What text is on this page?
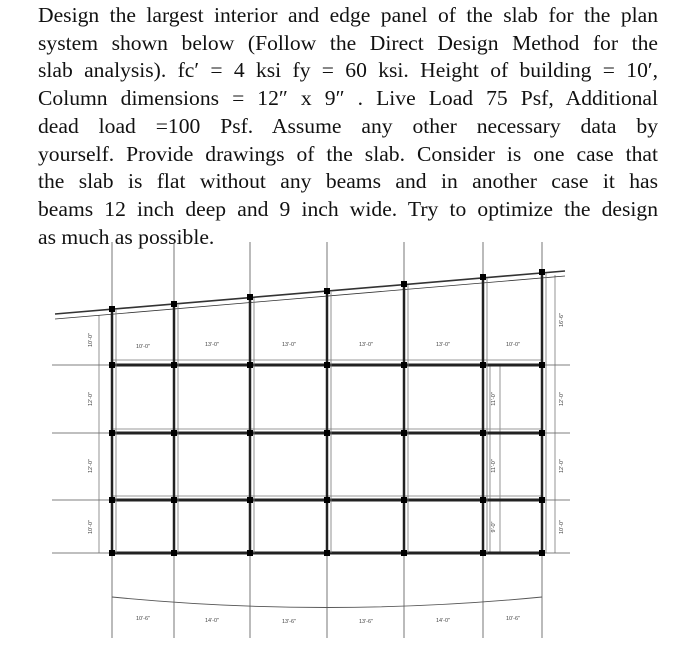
Design the largest interior and edge panel of the slab for the plan
system shown below (Follow the Direct Design Method for the
slab analysis). fc′ = 4 ksi fy = 60 ksi. Height of building = 10′,
Column dimensions = 12″ x 9″ . Live Load 75 Psf, Additional
dead load =100 Psf. Assume any other necessary data by
yourself. Provide drawings of the slab. Consider is one case that
the slab is flat without any beams and in another case it has
beams 12 inch deep and 9 inch wide. Try to optimize the design
as much as possible.
10'-0"	13'-0"	13'-0"	13'-0"	13'-0"	10'-0"
10'-6"	14'-0"	13'-6"	13'-6"	14'-0"	10'-6"
10'-0"
12'-0"
12'-0"
10'-0"
16'-6"
12'-0"
12'-0"
10'-0"
11'-0"
11'-0"
9'-0"
